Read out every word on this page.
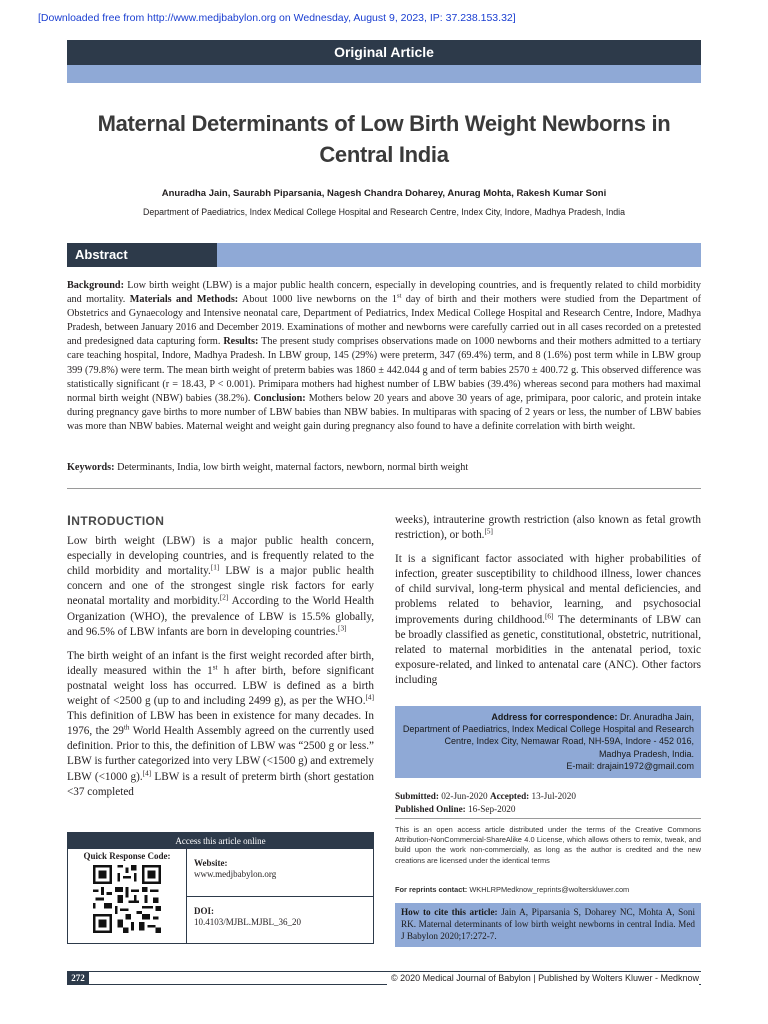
[Downloaded free from http://www.medjbabylon.org on Wednesday, August 9, 2023, IP: 37.238.153.32]
Original Article
Maternal Determinants of Low Birth Weight Newborns in Central India
Anuradha Jain, Saurabh Piparsania, Nagesh Chandra Doharey, Anurag Mohta, Rakesh Kumar Soni
Department of Paediatrics, Index Medical College Hospital and Research Centre, Index City, Indore, Madhya Pradesh, India
Abstract
Background: Low birth weight (LBW) is a major public health concern, especially in developing countries, and is frequently related to child morbidity and mortality. Materials and Methods: About 1000 live newborns on the 1st day of birth and their mothers were studied from the Department of Obstetrics and Gynaecology and Intensive neonatal care, Department of Pediatrics, Index Medical College Hospital and Research Centre, Indore, Madhya Pradesh, between January 2016 and December 2019. Examinations of mother and newborns were carefully carried out in all cases recorded on a pretested and predesigned data capturing form. Results: The present study comprises observations made on 1000 newborns and their mothers admitted to a tertiary care teaching hospital, Indore, Madhya Pradesh. In LBW group, 145 (29%) were preterm, 347 (69.4%) term, and 8 (1.6%) post term while in LBW group 399 (79.8%) were term. The mean birth weight of preterm babies was 1860 ± 442.044 g and of term babies 2570 ± 400.72 g. This observed difference was statistically significant (r = 18.43, P < 0.001). Primipara mothers had highest number of LBW babies (39.4%) whereas second para mothers had maximal normal birth weight (NBW) babies (38.2%). Conclusion: Mothers below 20 years and above 30 years of age, primipara, poor caloric, and protein intake during pregnancy gave births to more number of LBW babies than NBW babies. In multiparas with spacing of 2 years or less, the number of LBW babies was more than NBW babies. Maternal weight and weight gain during pregnancy also found to have a definite correlation with birth weight.
Keywords: Determinants, India, low birth weight, maternal factors, newborn, normal birth weight
INTRODUCTION

Low birth weight (LBW) is a major public health concern, especially in developing countries, and is frequently related to the child morbidity and mortality.[1] LBW is a major public health concern and one of the strongest single risk factors for early neonatal mortality and morbidity.[2] According to the World Health Organization (WHO), the prevalence of LBW is 15.5% globally, and 96.5% of LBW infants are born in developing countries.[3]

The birth weight of an infant is the first weight recorded after birth, ideally measured within the 1st h after birth, before significant postnatal weight loss has occurred. LBW is defined as a birth weight of <2500 g (up to and including 2499 g), as per the WHO.[4] This definition of LBW has been in existence for many decades. In 1976, the 29th World Health Assembly agreed on the currently used definition. Prior to this, the definition of LBW was “2500 g or less.” LBW is further categorized into very LBW (<1500 g) and extremely LBW (<1000 g).[4] LBW is a result of preterm birth (short gestation <37 completed

weeks), intrauterine growth restriction (also known as fetal growth restriction), or both.[5]

It is a significant factor associated with higher probabilities of infection, greater susceptibility to childhood illness, lower chances of child survival, long-term physical and mental deficiencies, and problems related to behavior, learning, and psychosocial improvements during childhood.[6] The determinants of LBW can be broadly classified as genetic, constitutional, obstetric, nutritional, related to maternal morbidities in the antenatal period, toxic exposure-related, and linked to antenatal care (ANC). Other factors including

Address for correspondence: Dr. Anuradha Jain,
Department of Paediatrics, Index Medical College Hospital and Research
Centre, Index City, Nemawar Road, NH-59A, Indore - 452 016,
Madhya Pradesh, India.
E-mail: drajain1972@gmail.com
Submitted: 02-Jun-2020 Accepted: 13-Jul-2020
Published Online: 16-Sep-2020
This is an open access article distributed under the terms of the Creative Commons Attribution-NonCommercial-ShareAlike 4.0 License, which allows others to remix, tweak, and build upon the work non-commercially, as long as the author is credited and the new creations are licensed under the identical terms
For reprints contact: WKHLRPMedknow_reprints@wolterskluwer.com
How to cite this article: Jain A, Piparsania S, Doharey NC, Mohta A, Soni RK. Maternal determinants of low birth weight newborns in central India. Med J Babylon 2020;17:272-7.
Access this article online
Quick Response Code:
Website:
www.medjbabylon.org
DOI:
10.4103/MJBL.MJBL_36_20
272	© 2020 Medical Journal of Babylon | Published by Wolters Kluwer - Medknow
